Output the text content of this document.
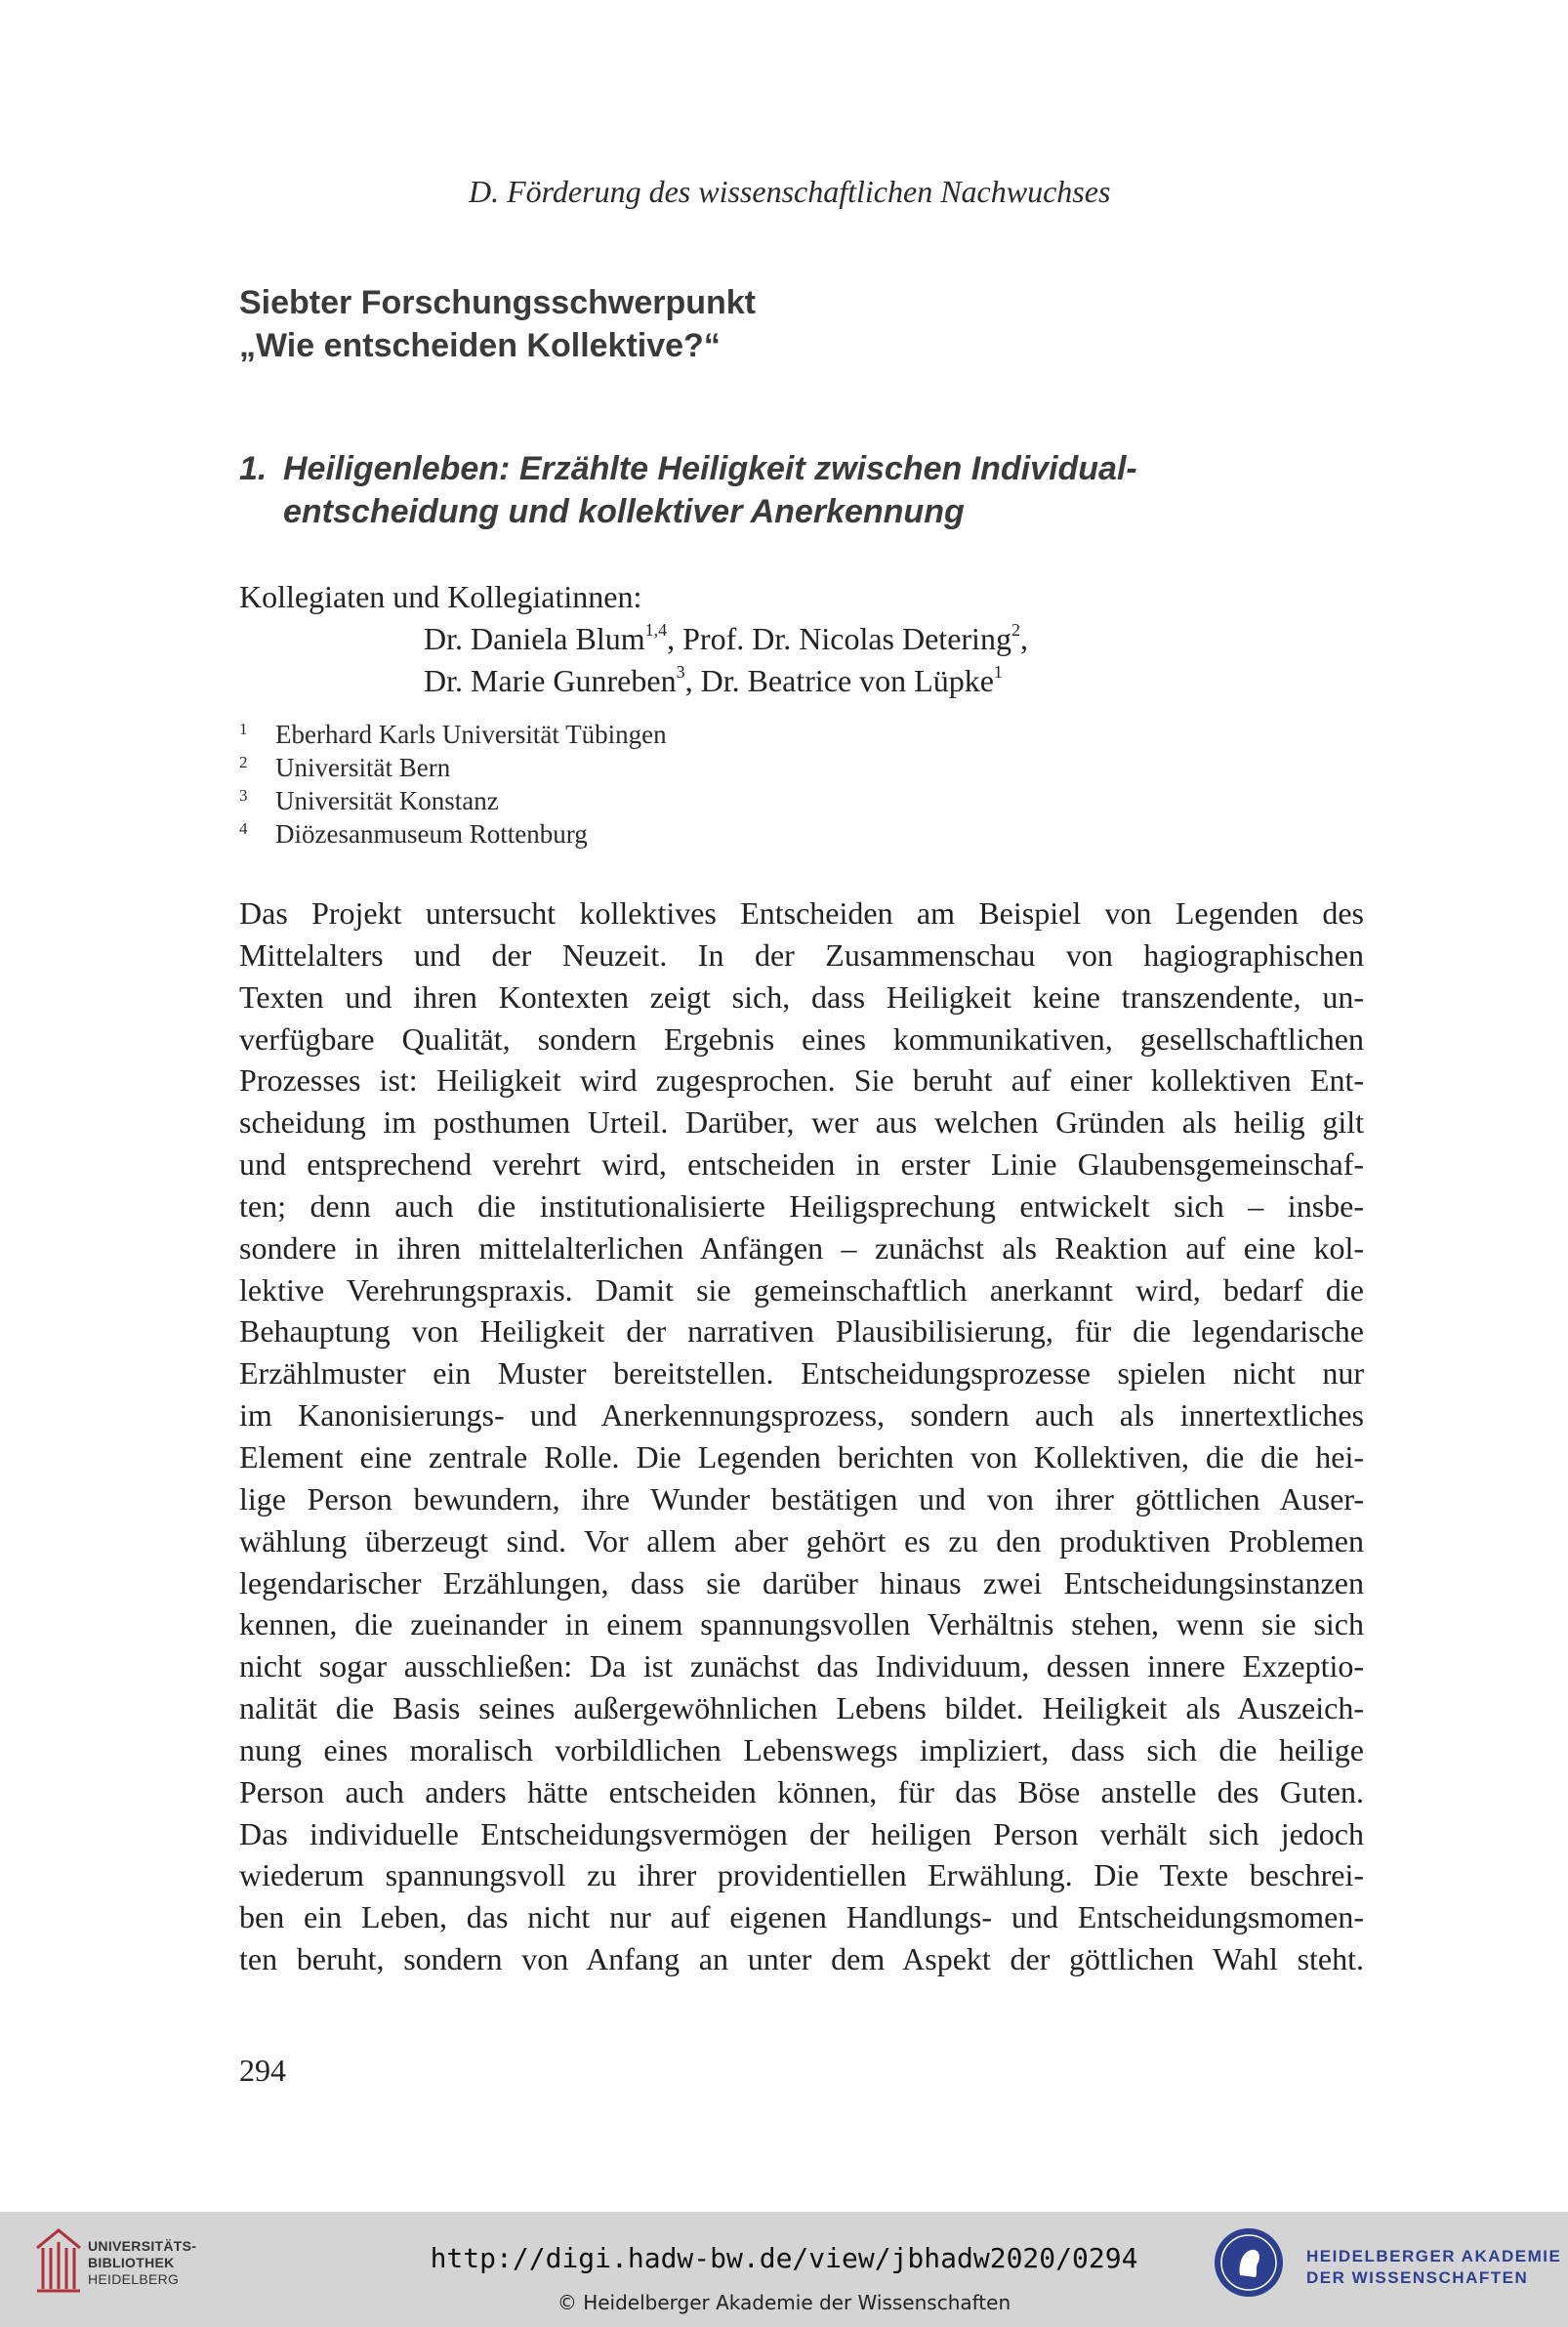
D. Förderung des wissenschaftlichen Nachwuchses
Siebter Forschungsschwerpunkt
„Wie entscheiden Kollektive?“
1. Heiligenleben: Erzählte Heiligkeit zwischen Individual-
entscheidung und kollektiver Anerkennung
Kollegiaten und Kollegiatinnen:
Dr. Daniela Blum$^{1,4}$, Prof. Dr. Nicolas Detering$^2$,
Dr. Marie Gunreben$^3$, Dr. Beatrice von Lüpke$^1$
1	Eberhard Karls Universität Tübingen
2	Universität Bern
3	Universität Konstanz
4	Diözesanmuseum Rottenburg
Das Projekt untersucht kollektives Entscheiden am Beispiel von Legenden des
Mittelalters und der Neuzeit. In der Zusammenschau von hagiographischen
Texten und ihren Kontexten zeigt sich, dass Heiligkeit keine transzendente, un-
verfügbare Qualität, sondern Ergebnis eines kommunikativen, gesellschaftlichen
Prozesses ist: Heiligkeit wird zugesprochen. Sie beruht auf einer kollektiven Ent-
scheidung im posthumen Urteil. Darüber, wer aus welchen Gründen als heilig gilt
und entsprechend verehrt wird, entscheiden in erster Linie Glaubensgemeinschaf-
ten; denn auch die institutionalisierte Heiligsprechung entwickelt sich – insbe-
sondere in ihren mittelalterlichen Anfängen – zunächst als Reaktion auf eine kol-
lektive Verehrungspraxis. Damit sie gemeinschaftlich anerkannt wird, bedarf die
Behauptung von Heiligkeit der narrativen Plausibilisierung, für die legendarische
Erzählmuster ein Muster bereitstellen. Entscheidungsprozesse spielen nicht nur
im Kanonisierungs- und Anerkennungsprozess, sondern auch als innertextliches
Element eine zentrale Rolle. Die Legenden berichten von Kollektiven, die die hei-
lige Person bewundern, ihre Wunder bestätigen und von ihrer göttlichen Auser-
wählung überzeugt sind. Vor allem aber gehört es zu den produktiven Problemen
legendarischer Erzählungen, dass sie darüber hinaus zwei Entscheidungsinstanzen
kennen, die zueinander in einem spannungsvollen Verhältnis stehen, wenn sie sich
nicht sogar ausschließen: Da ist zunächst das Individuum, dessen innere Exzeptio-
nalität die Basis seines außergewöhnlichen Lebens bildet. Heiligkeit als Auszeich-
nung eines moralisch vorbildlichen Lebenswegs impliziert, dass sich die heilige
Person auch anders hätte entscheiden können, für das Böse anstelle des Guten.
Das individuelle Entscheidungsvermögen der heiligen Person verhält sich jedoch
wiederum spannungsvoll zu ihrer providentiellen Erwählung. Die Texte beschrei-
ben ein Leben, das nicht nur auf eigenen Handlungs- und Entscheidungsmomen-
ten beruht, sondern von Anfang an unter dem Aspekt der göttlichen Wahl steht.
294
UNIVERSITÄTS-
BIBLIOTHEK
HEIDELBERG
http://digi.hadw-bw.de/view/jbhadw2020/0294
© Heidelberger Akademie der Wissenschaften
HEIDELBERGER AKADEMIE
DER WISSENSCHAFTEN
